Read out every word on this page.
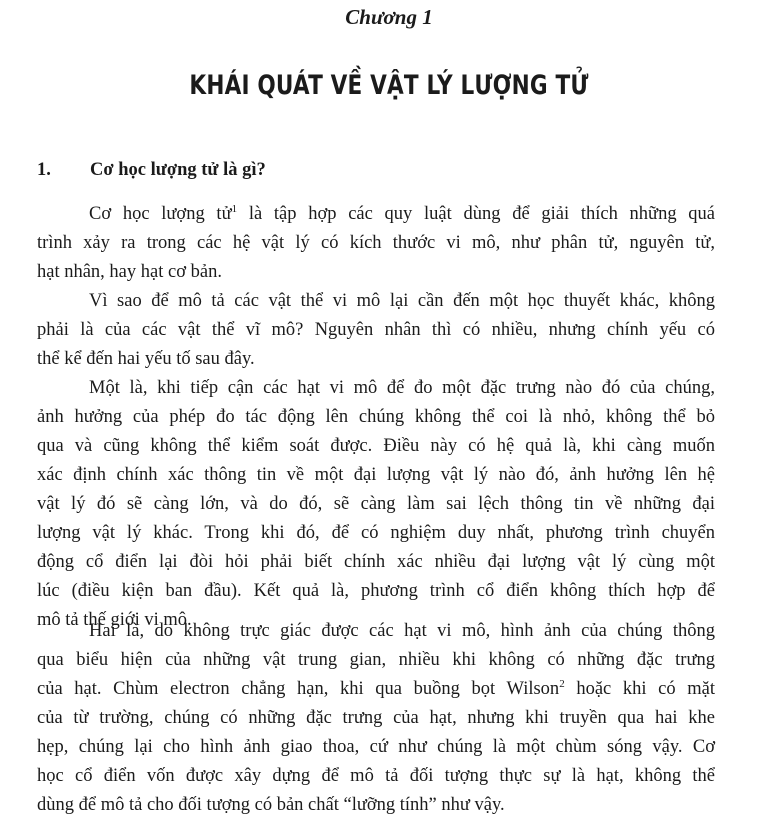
Chương 1
KHÁI QUÁT VỀ VẬT LÝ LƯỢNG TỬ
1. Cơ học lượng tử là gì?

Cơ học lượng tử$^1$ là tập hợp các quy luật dùng để giải thích những quá
trình xảy ra trong các hệ vật lý có kích thước vi mô, như phân tử, nguyên tử,
hạt nhân, hay hạt cơ bản.

Vì sao để mô tả các vật thể vi mô lại cần đến một học thuyết khác, không
phải là của các vật thể vĩ mô? Nguyên nhân thì có nhiều, nhưng chính yếu có
thể kể đến hai yếu tố sau đây.

Một là, khi tiếp cận các hạt vi mô để đo một đặc trưng nào đó của chúng,
ảnh hưởng của phép đo tác động lên chúng không thể coi là nhỏ, không thể bỏ
qua và cũng không thể kiểm soát được. Điều này có hệ quả là, khi càng muốn
xác định chính xác thông tin về một đại lượng vật lý nào đó, ảnh hưởng lên hệ
vật lý đó sẽ càng lớn, và do đó, sẽ càng làm sai lệch thông tin về những đại
lượng vật lý khác. Trong khi đó, để có nghiệm duy nhất, phương trình chuyển
động cổ điển lại đòi hỏi phải biết chính xác nhiều đại lượng vật lý cùng một
lúc (điều kiện ban đầu). Kết quả là, phương trình cổ điển không thích hợp để
mô tả thế giới vi mô.

Hai là, do không trực giác được các hạt vi mô, hình ảnh của chúng thông
qua biểu hiện của những vật trung gian, nhiều khi không có những đặc trưng
của hạt. Chùm electron chẳng hạn, khi qua buồng bọt Wilson$^2$ hoặc khi có mặt
của từ trường, chúng có những đặc trưng của hạt, nhưng khi truyền qua hai khe
hẹp, chúng lại cho hình ảnh giao thoa, cứ như chúng là một chùm sóng vậy. Cơ
học cổ điển vốn được xây dựng để mô tả đối tượng thực sự là hạt, không thể
dùng để mô tả cho đối tượng có bản chất “lưỡng tính” như vậy.
